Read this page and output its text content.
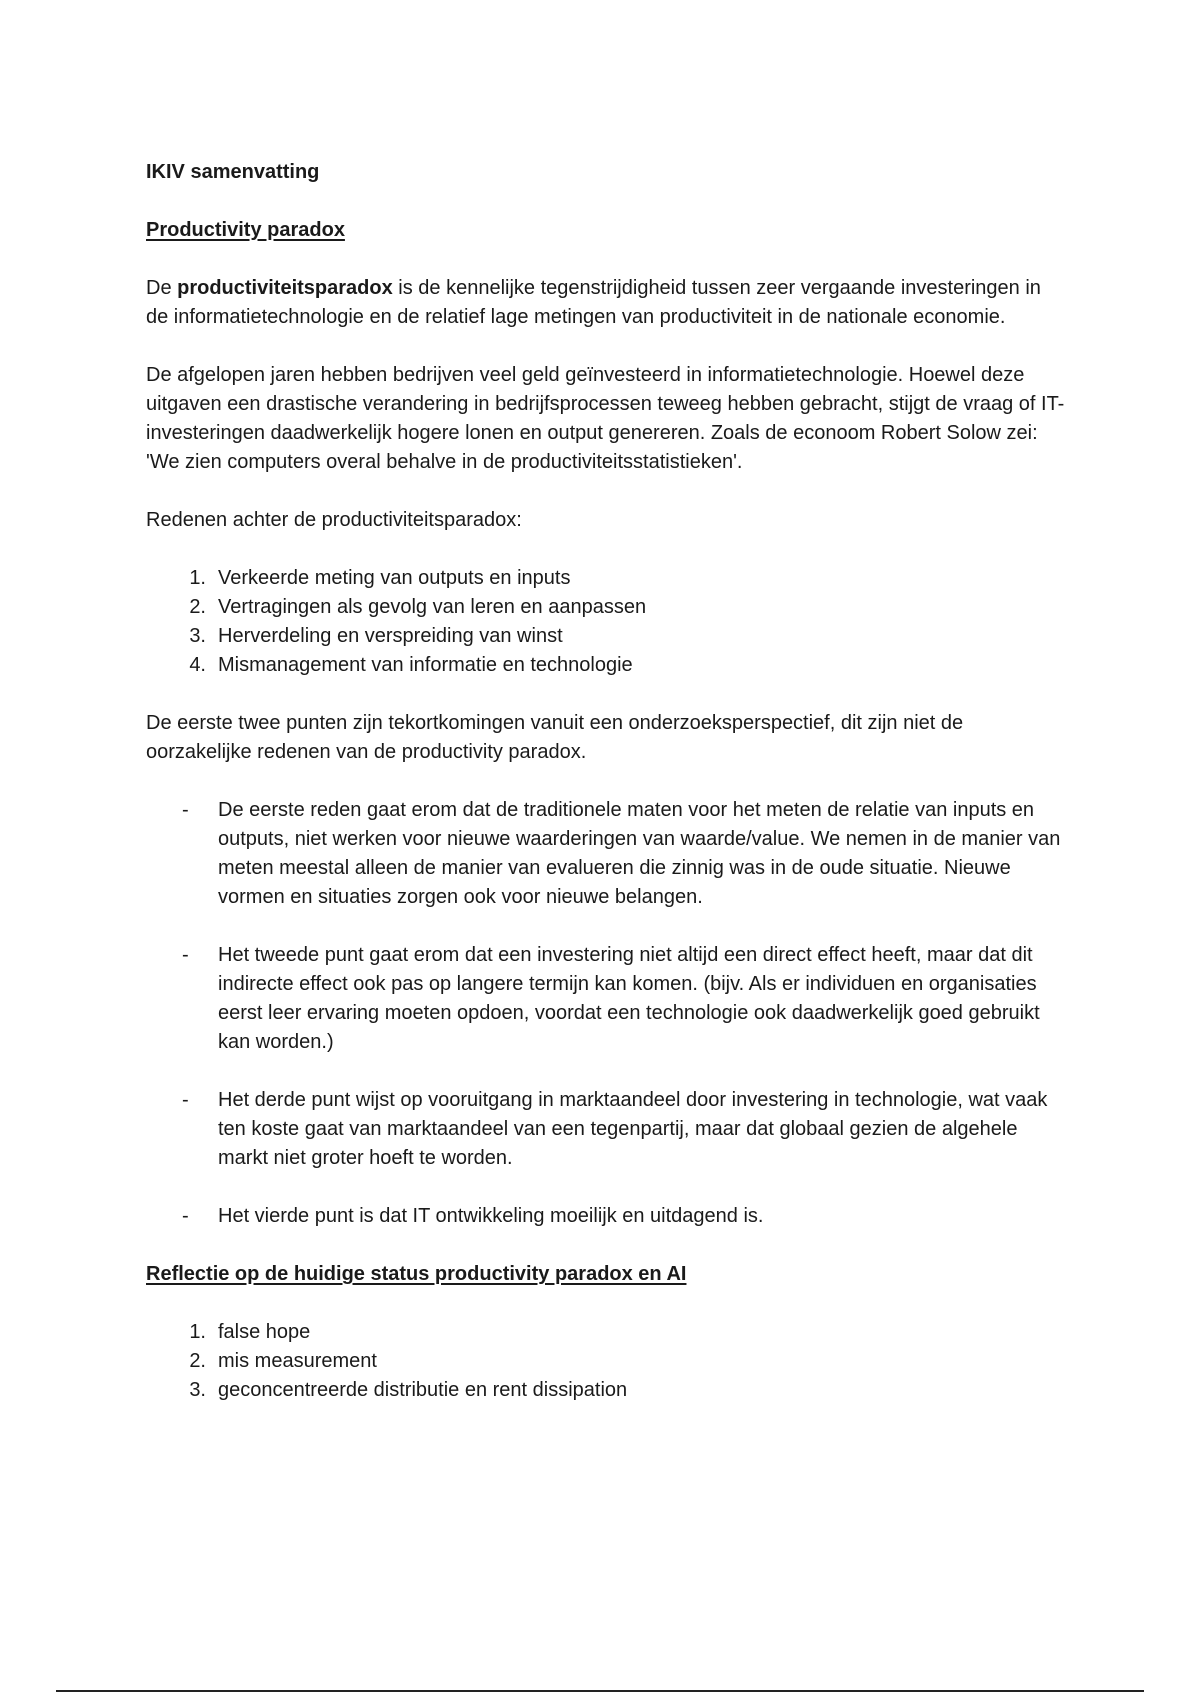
IKIV samenvatting
Productivity paradox

De productiviteitsparadox is de kennelijke tegenstrijdigheid tussen zeer vergaande investeringen in de informatietechnologie en de relatief lage metingen van productiviteit in de nationale economie.

De afgelopen jaren hebben bedrijven veel geld geïnvesteerd in informatietechnologie. Hoewel deze uitgaven een drastische verandering in bedrijfsprocessen teweeg hebben gebracht, stijgt de vraag of IT-investeringen daadwerkelijk hogere lonen en output genereren. Zoals de econoom Robert Solow zei: 'We zien computers overal behalve in de productiviteitsstatistieken'.

Redenen achter de productiviteitsparadox:

1. Verkeerde meting van outputs en inputs
2. Vertragingen als gevolg van leren en aanpassen
3. Herverdeling en verspreiding van winst
4. Mismanagement van informatie en technologie

De eerste twee punten zijn tekortkomingen vanuit een onderzoeksperspectief, dit zijn niet de oorzakelijke redenen van de productivity paradox.

- De eerste reden gaat erom dat de traditionele maten voor het meten de relatie van inputs en outputs, niet werken voor nieuwe waarderingen van waarde/value. We nemen in de manier van meten meestal alleen de manier van evalueren die zinnig was in de oude situatie. Nieuwe vormen en situaties zorgen ook voor nieuwe belangen.
- Het tweede punt gaat erom dat een investering niet altijd een direct effect heeft, maar dat dit indirecte effect ook pas op langere termijn kan komen. (bijv. Als er individuen en organisaties eerst leer ervaring moeten opdoen, voordat een technologie ook daadwerkelijk goed gebruikt kan worden.)
- Het derde punt wijst op vooruitgang in marktaandeel door investering in technologie, wat vaak ten koste gaat van marktaandeel van een tegenpartij, maar dat globaal gezien de algehele markt niet groter hoeft te worden.
- Het vierde punt is dat IT ontwikkeling moeilijk en uitdagend is.
Reflectie op de huidige status productivity paradox en AI
1. false hope
2. mis measurement
3. geconcentreerde distributie en rent dissipation
